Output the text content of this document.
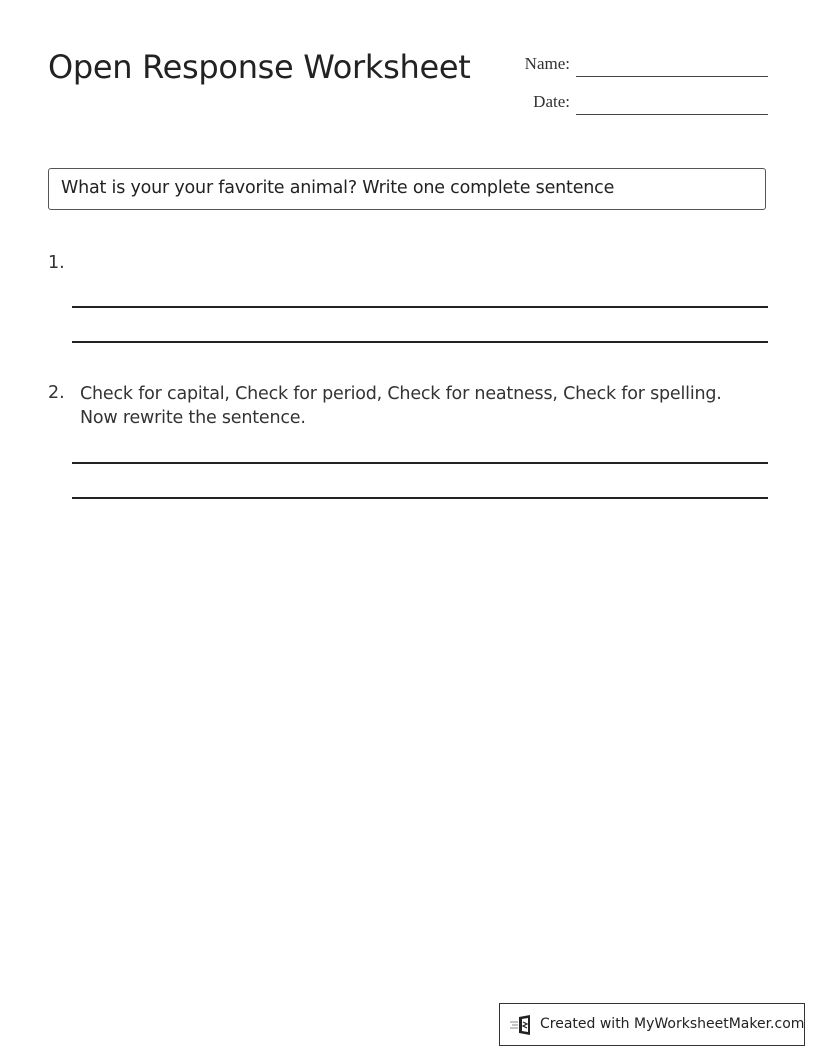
Open Response Worksheet	Name:
Date:
What is your your favorite animal? Write one complete sentence
1.
2. Check for capital, Check for period, Check for neatness, Check for spelling.
Now rewrite the sentence.
Created with MyWorksheetMaker.com
